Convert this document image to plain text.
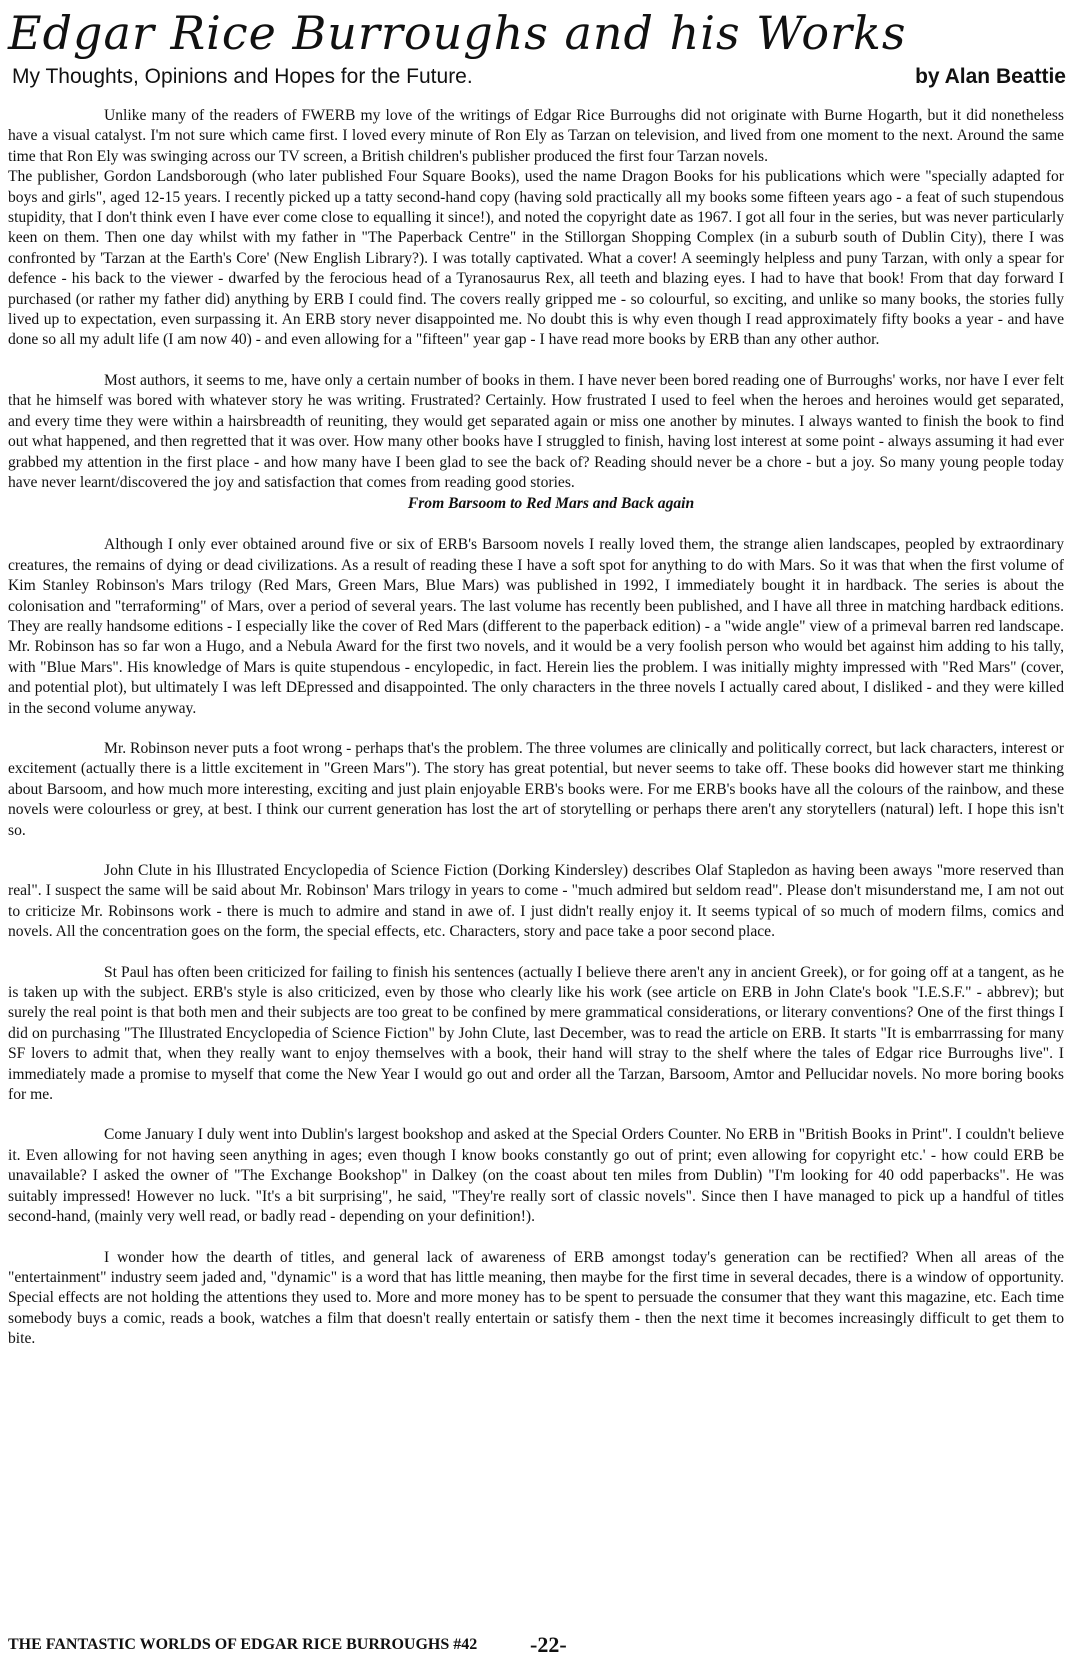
Edgar Rice Burroughs and his Works
My Thoughts, Opinions and Hopes for the Future.	by Alan Beattie

Unlike many of the readers of FWERB my love of the writings of Edgar Rice Burroughs did not originate with Burne Hogarth, but it did nonetheless have a visual catalyst. I'm not sure which came first. I loved every minute of Ron Ely as Tarzan on television, and lived from one moment to the next. Around the same time that Ron Ely was swinging across our TV screen, a British children's publisher produced the first four Tarzan novels.

The publisher, Gordon Landsborough (who later published Four Square Books), used the name Dragon Books for his publications which were "specially adapted for boys and girls", aged 12-15 years. I recently picked up a tatty second-hand copy (having sold practically all my books some fifteen years ago - a feat of such stupendous stupidity, that I don't think even I have ever come close to equalling it since!), and noted the copyright date as 1967. I got all four in the series, but was never particularly keen on them. Then one day whilst with my father in "The Paperback Centre" in the Stillorgan Shopping Complex (in a suburb south of Dublin City), there I was confronted by 'Tarzan at the Earth's Core' (New English Library?). I was totally captivated. What a cover! A seemingly helpless and puny Tarzan, with only a spear for defence - his back to the viewer - dwarfed by the ferocious head of a Tyranosaurus Rex, all teeth and blazing eyes. I had to have that book! From that day forward I purchased (or rather my father did) anything by ERB I could find. The covers really gripped me - so colourful, so exciting, and unlike so many books, the stories fully lived up to expectation, even surpassing it. An ERB story never disappointed me. No doubt this is why even though I read approximately fifty books a year - and have done so all my adult life (I am now 40) - and even allowing for a "fifteen" year gap - I have read more books by ERB than any other author.

Most authors, it seems to me, have only a certain number of books in them. I have never been bored reading one of Burroughs' works, nor have I ever felt that he himself was bored with whatever story he was writing. Frustrated? Certainly. How frustrated I used to feel when the heroes and heroines would get separated, and every time they were within a hairsbreadth of reuniting, they would get separated again or miss one another by minutes. I always wanted to finish the book to find out what happened, and then regretted that it was over. How many other books have I struggled to finish, having lost interest at some point - always assuming it had ever grabbed my attention in the first place - and how many have I been glad to see the back of? Reading should never be a chore - but a joy. So many young people today have never learnt/discovered the joy and satisfaction that comes from reading good stories.

From Barsoom to Red Mars and Back again

Although I only ever obtained around five or six of ERB's Barsoom novels I really loved them, the strange alien landscapes, peopled by extraordinary creatures, the remains of dying or dead civilizations. As a result of reading these I have a soft spot for anything to do with Mars. So it was that when the first volume of Kim Stanley Robinson's Mars trilogy (Red Mars, Green Mars, Blue Mars) was published in 1992, I immediately bought it in hardback. The series is about the colonisation and "terraforming" of Mars, over a period of several years. The last volume has recently been published, and I have all three in matching hardback editions. They are really handsome editions - I especially like the cover of Red Mars (different to the paperback edition) - a "wide angle" view of a primeval barren red landscape. Mr. Robinson has so far won a Hugo, and a Nebula Award for the first two novels, and it would be a very foolish person who would bet against him adding to his tally, with "Blue Mars". His knowledge of Mars is quite stupendous - encylopedic, in fact. Herein lies the problem. I was initially mighty impressed with "Red Mars" (cover, and potential plot), but ultimately I was left DEpressed and disappointed. The only characters in the three novels I actually cared about, I disliked - and they were killed in the second volume anyway.

Mr. Robinson never puts a foot wrong - perhaps that's the problem. The three volumes are clinically and politically correct, but lack characters, interest or excitement (actually there is a little excitement in "Green Mars"). The story has great potential, but never seems to take off. These books did however start me thinking about Barsoom, and how much more interesting, exciting and just plain enjoyable ERB's books were. For me ERB's books have all the colours of the rainbow, and these novels were colourless or grey, at best. I think our current generation has lost the art of storytelling or perhaps there aren't any storytellers (natural) left. I hope this isn't so.

John Clute in his Illustrated Encyclopedia of Science Fiction (Dorking Kindersley) describes Olaf Stapledon as having been aways "more reserved than real". I suspect the same will be said about Mr. Robinson' Mars trilogy in years to come - "much admired but seldom read". Please don't misunderstand me, I am not out to criticize Mr. Robinsons work - there is much to admire and stand in awe of. I just didn't really enjoy it. It seems typical of so much of modern films, comics and novels. All the concentration goes on the form, the special effects, etc. Characters, story and pace take a poor second place.

St Paul has often been criticized for failing to finish his sentences (actually I believe there aren't any in ancient Greek), or for going off at a tangent, as he is taken up with the subject. ERB's style is also criticized, even by those who clearly like his work (see article on ERB in John Clate's book "I.E.S.F." - abbrev); but surely the real point is that both men and their subjects are too great to be confined by mere grammatical considerations, or literary conventions? One of the first things I did on purchasing "The Illustrated Encyclopedia of Science Fiction" by John Clute, last December, was to read the article on ERB. It starts "It is embarrrassing for many SF lovers to admit that, when they really want to enjoy themselves with a book, their hand will stray to the shelf where the tales of Edgar rice Burroughs live". I immediately made a promise to myself that come the New Year I would go out and order all the Tarzan, Barsoom, Amtor and Pellucidar novels. No more boring books for me.

Come January I duly went into Dublin's largest bookshop and asked at the Special Orders Counter. No ERB in "British Books in Print". I couldn't believe it. Even allowing for not having seen anything in ages; even though I know books constantly go out of print; even allowing for copyright etc.' - how could ERB be unavailable? I asked the owner of "The Exchange Bookshop" in Dalkey (on the coast about ten miles from Dublin) "I'm looking for 40 odd paperbacks". He was suitably impressed! However no luck. "It's a bit surprising", he said, "They're really sort of classic novels". Since then I have managed to pick up a handful of titles second-hand, (mainly very well read, or badly read - depending on your definition!).

I wonder how the dearth of titles, and general lack of awareness of ERB amongst today's generation can be rectified? When all areas of the "entertainment" industry seem jaded and, "dynamic" is a word that has little meaning, then maybe for the first time in several decades, there is a window of opportunity. Special effects are not holding the attentions they used to. More and more money has to be spent to persuade the consumer that they want this magazine, etc. Each time somebody buys a comic, reads a book, watches a film that doesn't really entertain or satisfy them - then the next time it becomes increasingly difficult to get them to bite.

THE FANTASTIC WORLDS OF EDGAR RICE BURROUGHS #42 -22-
